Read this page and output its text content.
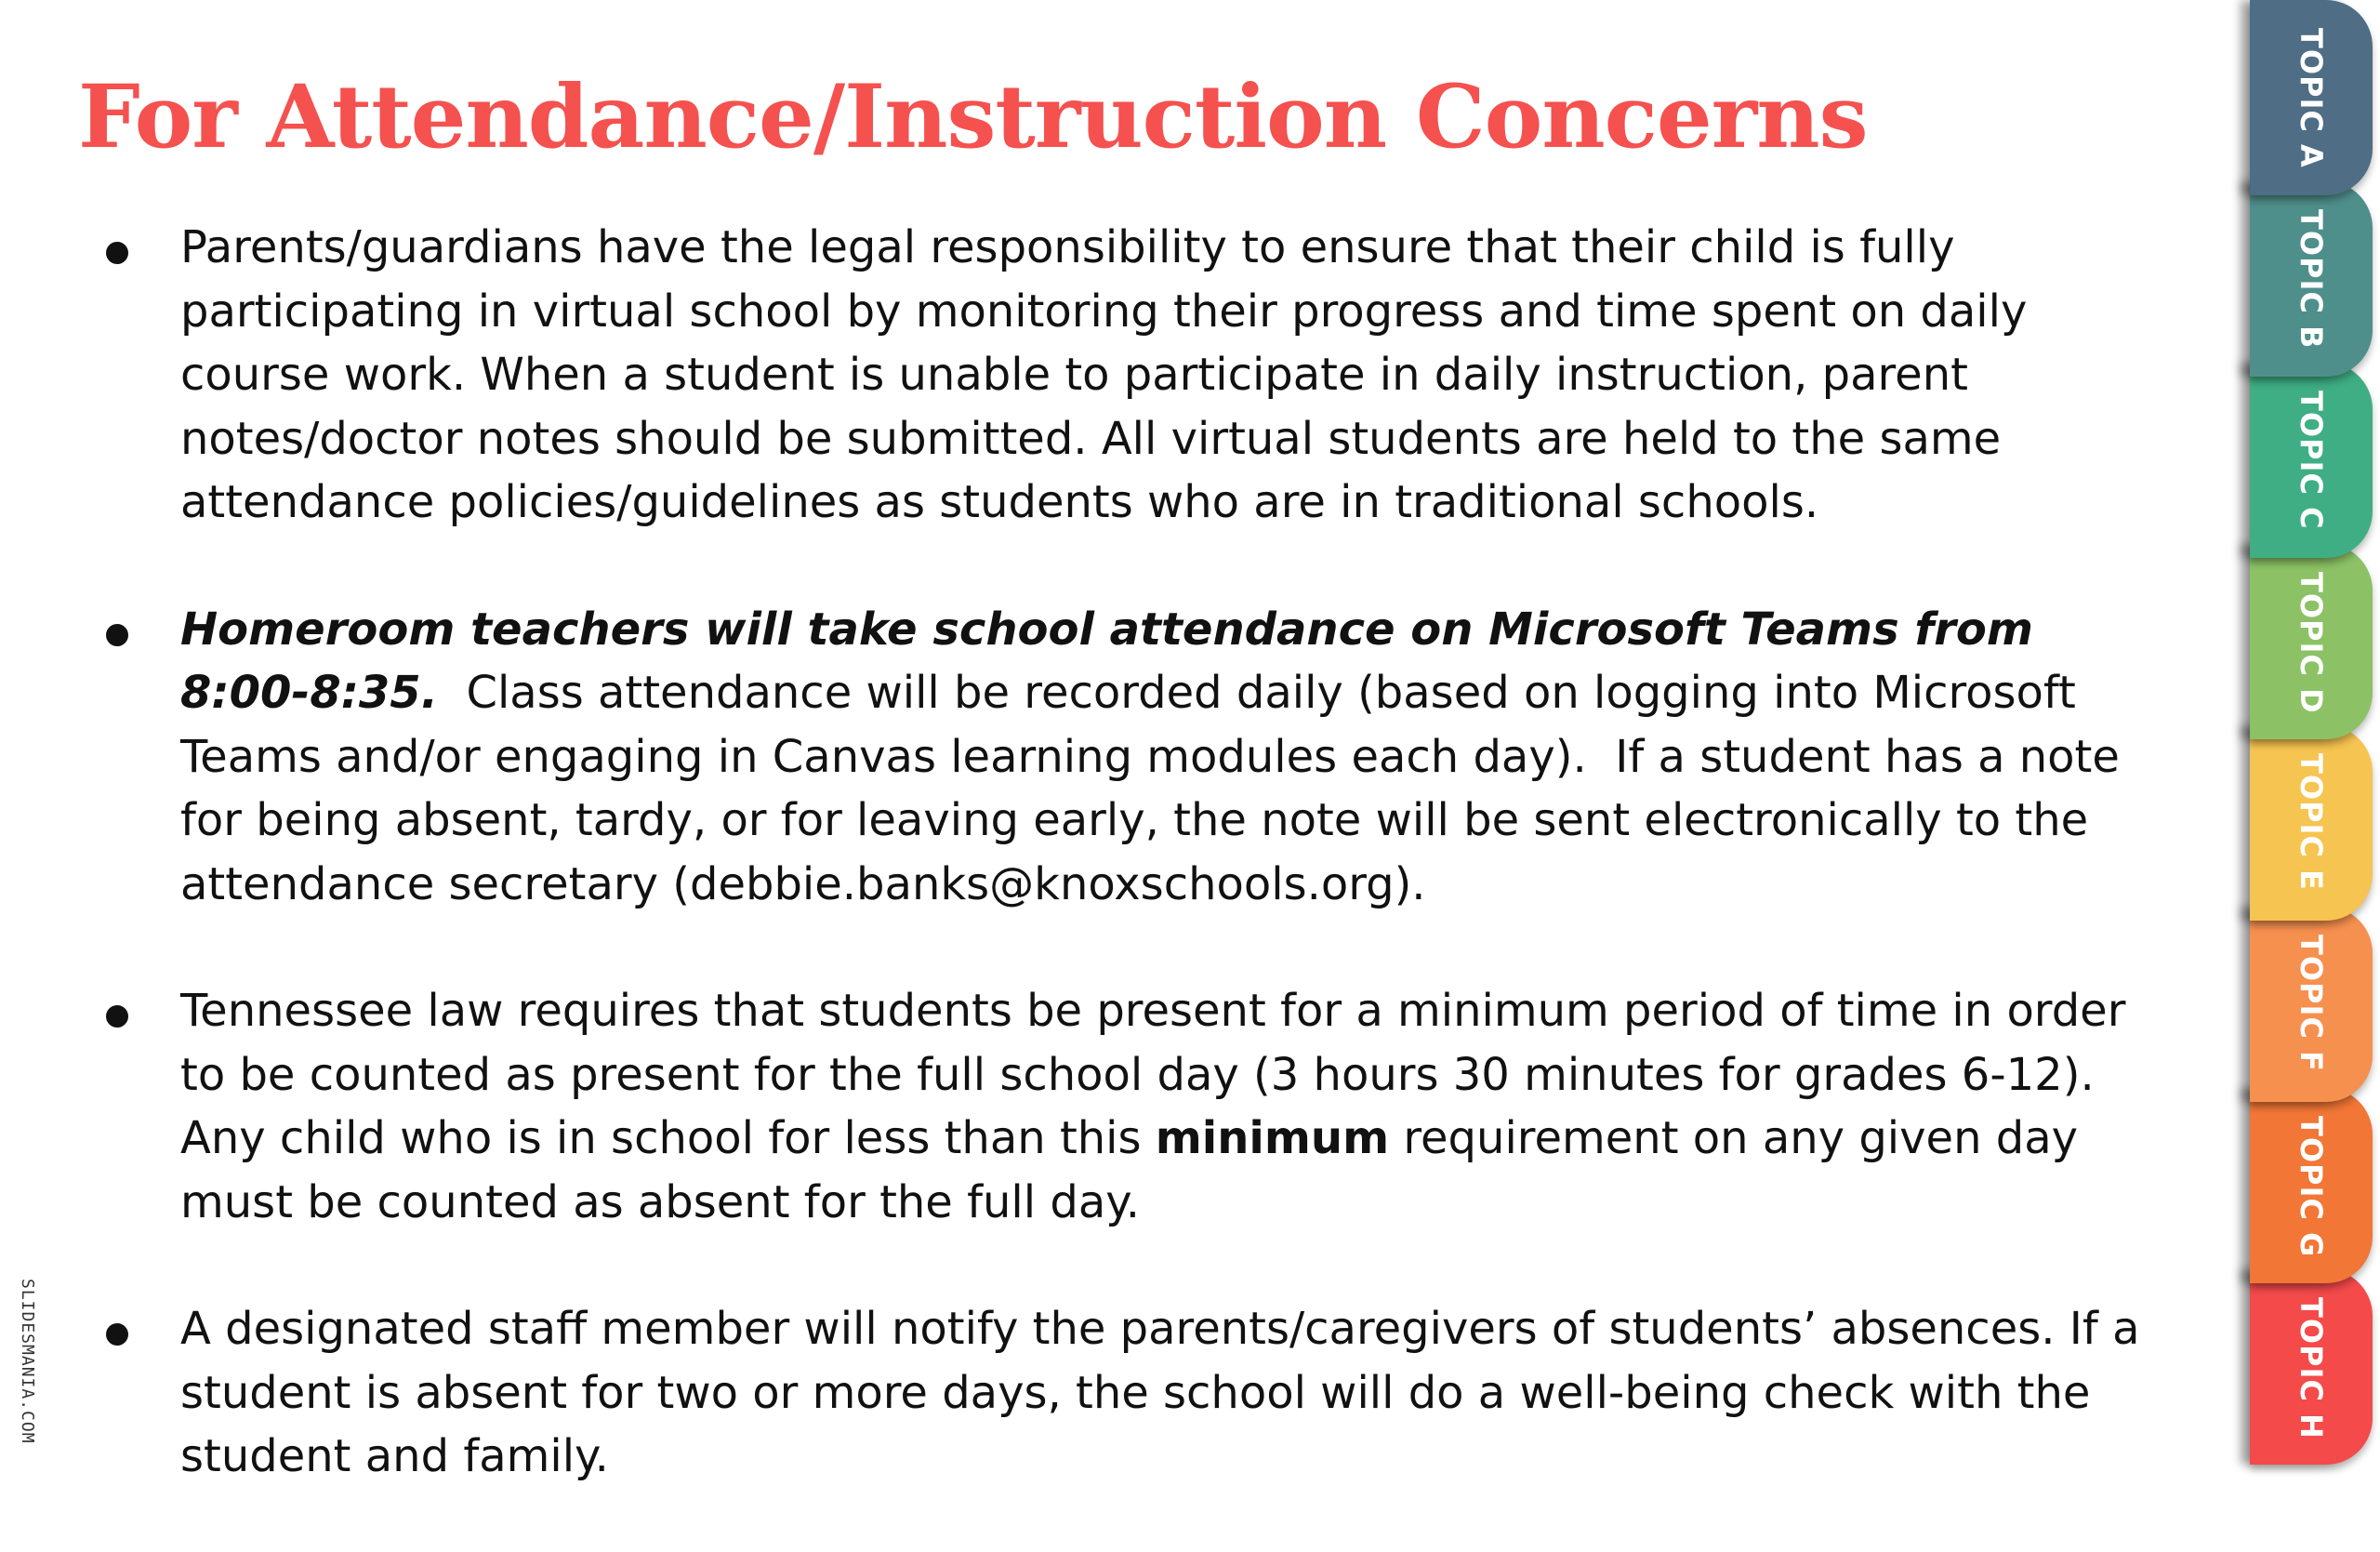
For Attendance/Instruction Concerns

Parents/guardians have the legal responsibility to ensure that their child is fully participating in virtual school by monitoring their progress and time spent on daily course work. When a student is unable to participate in daily instruction, parent notes/doctor notes should be submitted. All virtual students are held to the same attendance policies/guidelines as students who are in traditional schools.

Homeroom teachers will take school attendance on Microsoft Teams from 8:00-8:35.  Class attendance will be recorded daily (based on logging into Microsoft Teams and/or engaging in Canvas learning modules each day).  If a student has a note for being absent, tardy, or for leaving early, the note will be sent electronically to the attendance secretary (debbie.banks@knoxschools.org).

Tennessee law requires that students be present for a minimum period of time in order to be counted as present for the full school day (3 hours 30 minutes for grades 6-12). Any child who is in school for less than this minimum requirement on any given day must be counted as absent for the full day.

A designated staff member will notify the parents/caregivers of students’ absences. If a student is absent for two or more days, the school will do a well-being check with the student and family.

SLIDESMANIA.COM	TOPIC H
TOPIC G
TOPIC F
TOPIC E
TOPIC D
TOPIC C
TOPIC B
TOPIC A
